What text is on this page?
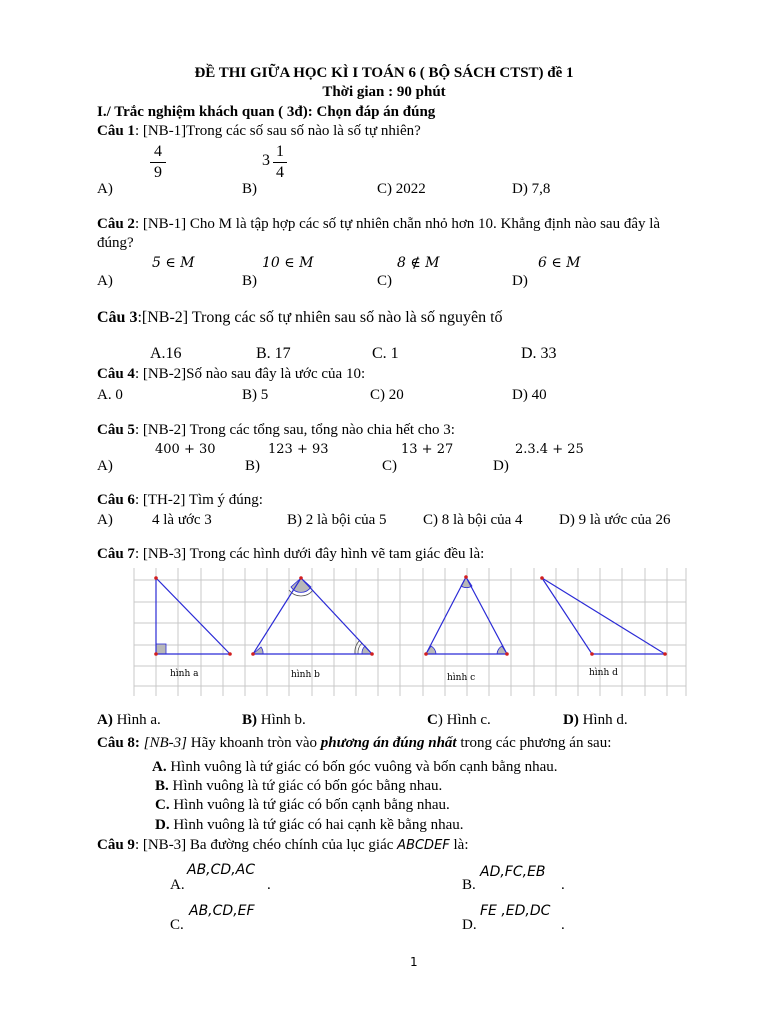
ĐỀ THI GIỮA HỌC KÌ I TOÁN 6 ( BỘ SÁCH CTST) đề 1
Thời gian : 90 phút
I./ Trắc nghiệm khách quan ( 3đ): Chọn đáp án đúng
Câu 1: [NB-1]Trong các số sau số nào là số tự nhiên?
4
9
3
1
4
A)	B)	C) 2022	D) 7,8
Câu 2: [NB-1] Cho M là tập hợp các số tự nhiên chẵn nhỏ hơn 10. Khẳng định nào sau đây là
đúng?
5 ∈ M	10 ∈ M	8 ∉ M	6 ∈ M
A)	B)	C)	D)
Câu 3:[NB-2] Trong các số tự nhiên sau số nào là số nguyên tố
A.16	B. 17	C. 1	D. 33
Câu 4: [NB-2]Số nào sau đây là ước của 10:
A. 0	B) 5	C) 20	D) 40
Câu 5: [NB-2] Trong các tổng sau, tổng nào chia hết cho 3:
400 + 30	123 + 93	13 + 27	2.3.4 + 25
A)	B)	C)	D)
Câu 6: [TH-2] Tìm ý đúng:
A)	4 là ước 3	B) 2 là bội của 5 C) 8 là bội của 4 D) 9 là ước của 26
Câu 7: [NB-3] Trong các hình dưới đây hình vẽ tam giác đều là:
hình a	hình b	hình c	hình d
A) Hình a.	B) Hình b.	C) Hình c.	D) Hình d.
Câu 8: [NB-3] Hãy khoanh tròn vào phương án đúng nhất trong các phương án sau:
A. Hình vuông là tứ giác có bốn góc vuông và bốn cạnh bằng nhau.
B. Hình vuông là tứ giác có bốn góc bằng nhau.
C. Hình vuông là tứ giác có bốn cạnh bằng nhau.
D. Hình vuông là tứ giác có hai cạnh kề bằng nhau.
Câu 9: [NB-3] Ba đường chéo chính của lục giác ABCDEF là:
A.
AB,CD,AC
.	B.
AD,FC,EB
.
C.
AB,CD,EF
D.
FE ,ED,DC
.
1
